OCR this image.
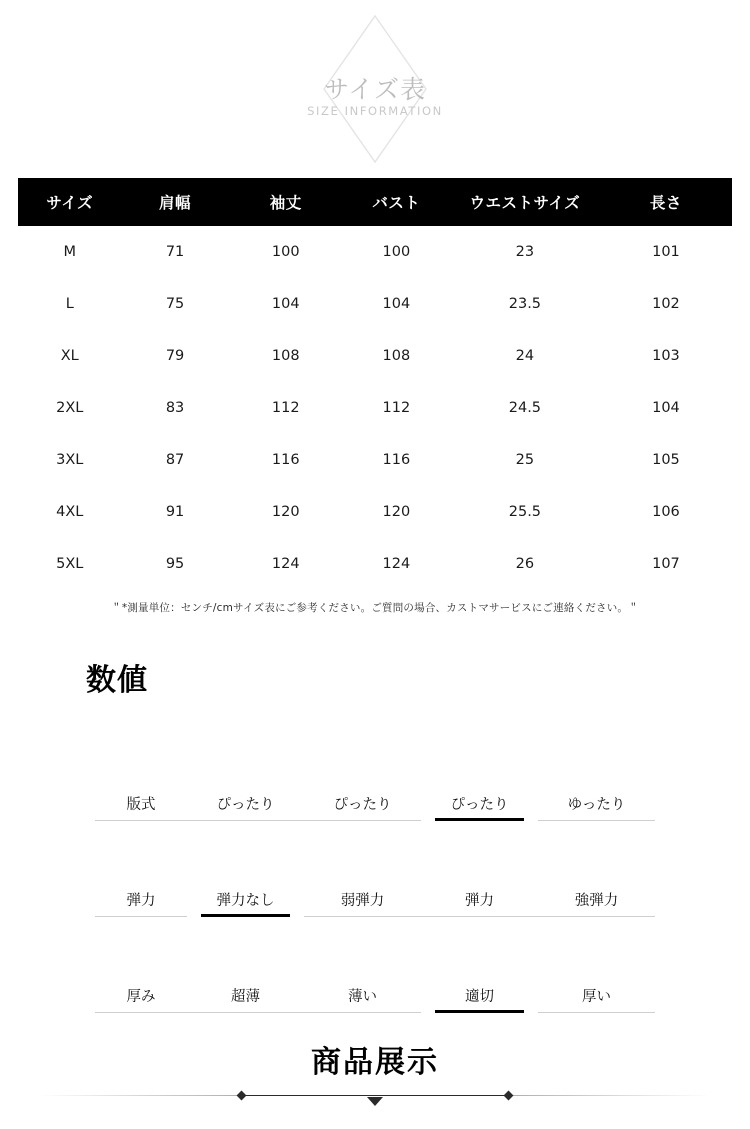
サイズ表
SIZE INFORMATION
サイズ	肩幅	袖丈	バスト	ウエストサイズ	長さ
M	71	100	100	23	101
L	75	104	104	23.5	102
XL	79	108	108	24	103
2XL	83	112	112	24.5	104
3XL	87	116	116	25	105
4XL	91	120	120	25.5	106
5XL	95	124	124	26	107
＂*測量単位：センチ/cmサイズ表にご参考ください。ご質問の場合、カストマサービスにご連絡ください。＂
数値
版式	ぴったり	ぴったり	ぴったり	ゆったり
弾力	弾力なし	弱弾力	弾力	強弾力
厚み	超薄	薄い	適切	厚い
商品展示
